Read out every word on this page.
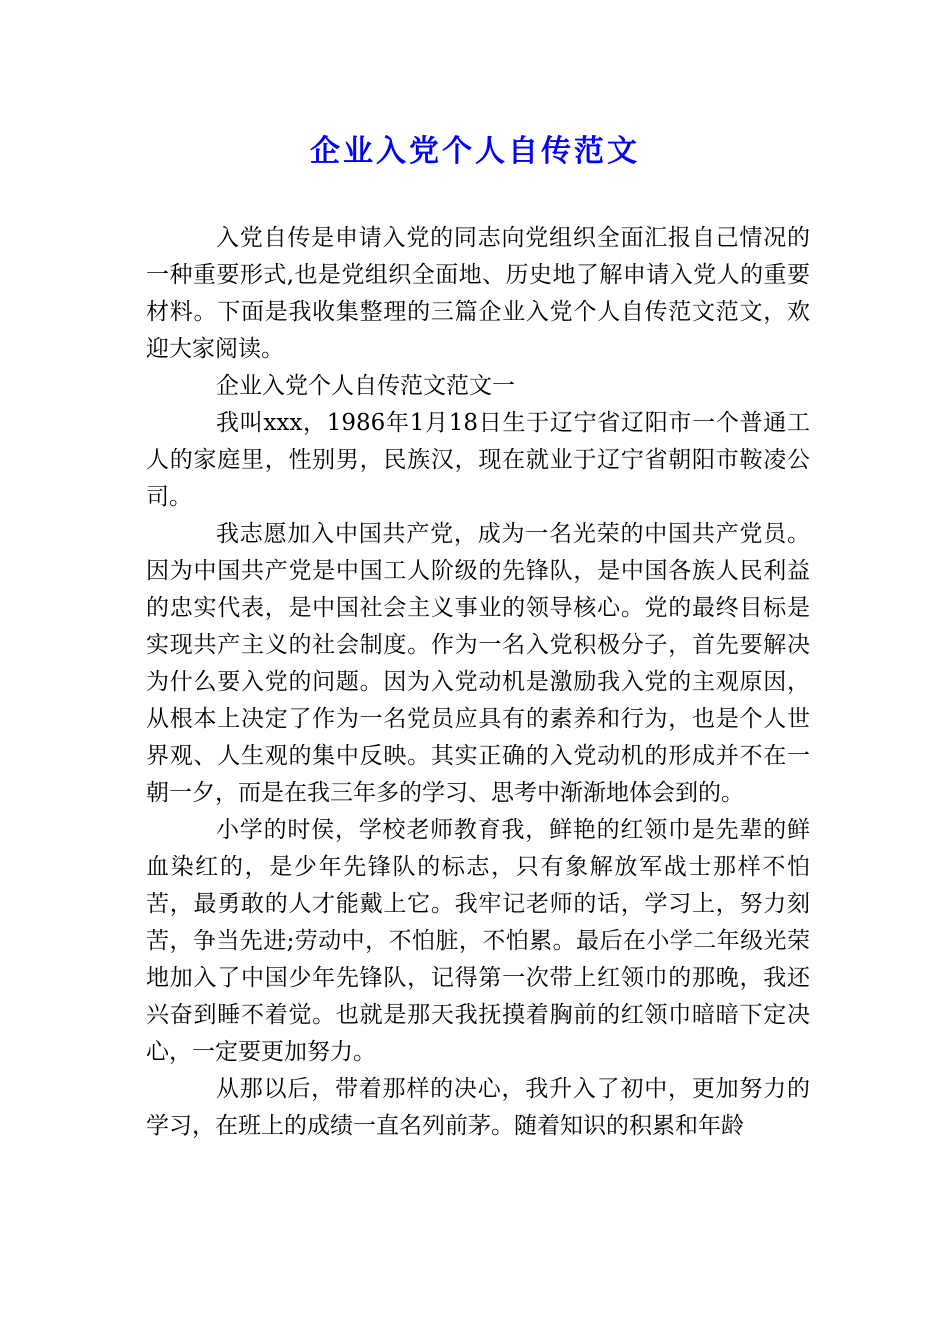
企业入党个人自传范文

入党自传是申请入党的同志向党组织全面汇报自己情况的一种重要形式,也是党组织全面地、历史地了解申请入党人的重要材料。下面是我收集整理的三篇企业入党个人自传范文范文，欢迎大家阅读。

企业入党个人自传范文范文一

我叫xxx，1986年1月18日生于辽宁省辽阳市一个普通工人的家庭里，性别男，民族汉，现在就业于辽宁省朝阳市鞍凌公司。

我志愿加入中国共产党，成为一名光荣的中国共产党员。因为中国共产党是中国工人阶级的先锋队，是中国各族人民利益的忠实代表，是中国社会主义事业的领导核心。党的最终目标是实现共产主义的社会制度。作为一名入党积极分子，首先要解决为什么要入党的问题。因为入党动机是激励我入党的主观原因，从根本上决定了作为一名党员应具有的素养和行为，也是个人世界观、人生观的集中反映。其实正确的入党动机的形成并不在一朝一夕，而是在我三年多的学习、思考中渐渐地体会到的。

小学的时侯，学校老师教育我，鲜艳的红领巾是先辈的鲜血染红的，是少年先锋队的标志，只有象解放军战士那样不怕苦，最勇敢的人才能戴上它。我牢记老师的话，学习上，努力刻苦，争当先进;劳动中，不怕脏，不怕累。最后在小学二年级光荣地加入了中国少年先锋队，记得第一次带上红领巾的那晚，我还兴奋到睡不着觉。也就是那天我抚摸着胸前的红领巾暗暗下定决心，一定要更加努力。

从那以后，带着那样的决心，我升入了初中，更加努力的学习，在班上的成绩一直名列前茅。随着知识的积累和年龄
